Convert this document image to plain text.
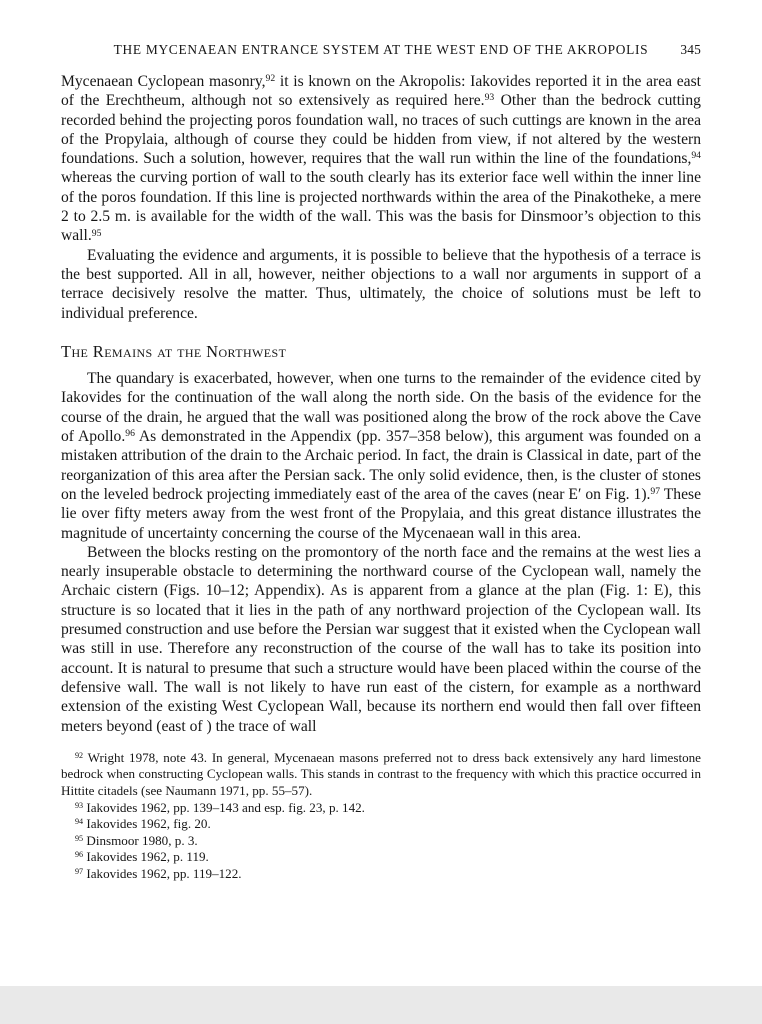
THE MYCENAEAN ENTRANCE SYSTEM AT THE WEST END OF THE AKROPOLIS 345

Mycenaean Cyclopean masonry,$^{92}$ it is known on the Akropolis: Iakovides reported it in the area east of the Erechtheum, although not so extensively as required here.$^{93}$ Other than the bedrock cutting recorded behind the projecting poros foundation wall, no traces of such cuttings are known in the area of the Propylaia, although of course they could be hidden from view, if not altered by the western foundations. Such a solution, however, requires that the wall run within the line of the foundations,$^{94}$ whereas the curving portion of wall to the south clearly has its exterior face well within the inner line of the poros foundation. If this line is projected northwards within the area of the Pinakotheke, a mere 2 to 2.5 m. is available for the width of the wall. This was the basis for Dinsmoor’s objection to this wall.$^{95}$

Evaluating the evidence and arguments, it is possible to believe that the hypothesis of a terrace is the best supported. All in all, however, neither objections to a wall nor arguments in support of a terrace decisively resolve the matter. Thus, ultimately, the choice of solutions must be left to individual preference.

The Remains at the Northwest

The quandary is exacerbated, however, when one turns to the remainder of the evidence cited by Iakovides for the continuation of the wall along the north side. On the basis of the evidence for the course of the drain, he argued that the wall was positioned along the brow of the rock above the Cave of Apollo.$^{96}$ As demonstrated in the Appendix (pp. 357–358 below), this argument was founded on a mistaken attribution of the drain to the Archaic period. In fact, the drain is Classical in date, part of the reorganization of this area after the Persian sack. The only solid evidence, then, is the cluster of stones on the leveled bedrock projecting immediately east of the area of the caves (near E′ on Fig. 1).$^{97}$ These lie over fifty meters away from the west front of the Propylaia, and this great distance illustrates the magnitude of uncertainty concerning the course of the Mycenaean wall in this area.

Between the blocks resting on the promontory of the north face and the remains at the west lies a nearly insuperable obstacle to determining the northward course of the Cyclopean wall, namely the Archaic cistern (Figs. 10–12; Appendix). As is apparent from a glance at the plan (Fig. 1: E), this structure is so located that it lies in the path of any northward projection of the Cyclopean wall. Its presumed construction and use before the Persian war suggest that it existed when the Cyclopean wall was still in use. Therefore any reconstruction of the course of the wall has to take its position into account. It is natural to presume that such a structure would have been placed within the course of the defensive wall. The wall is not likely to have run east of the cistern, for example as a northward extension of the existing West Cyclopean Wall, because its northern end would then fall over fifteen meters beyond (east of ) the trace of wall

$^{92}$ Wright 1978, note 43. In general, Mycenaean masons preferred not to dress back extensively any hard limestone bedrock when constructing Cyclopean walls. This stands in contrast to the frequency with which this practice occurred in Hittite citadels (see Naumann 1971, pp. 55–57).

$^{93}$ Iakovides 1962, pp. 139–143 and esp. fig. 23, p. 142.

$^{94}$ Iakovides 1962, fig. 20.

$^{95}$ Dinsmoor 1980, p. 3.

$^{96}$ Iakovides 1962, p. 119.

$^{97}$ Iakovides 1962, pp. 119–122.
